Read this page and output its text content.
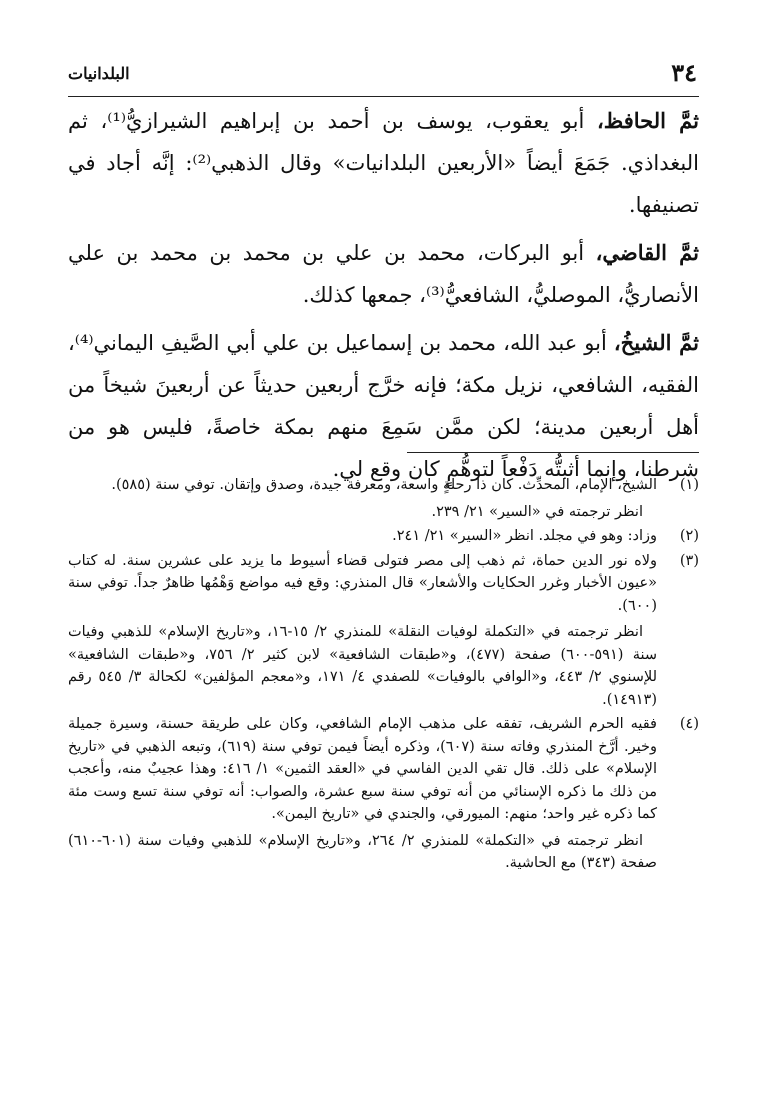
٣٤
البلدانيات

ثمَّ الحافظ، أبو يعقوب، يوسف بن أحمد بن إبراهيم الشيرازيُّ⁽¹⁾، ثم البغداذي. جَمَعَ أيضاً «الأربعين البلدانيات» وقال الذهبي⁽²⁾: إنَّه أجاد في تصنيفها.

ثمَّ القاضي، أبو البركات، محمد بن علي بن محمد بن محمد بن علي الأنصاريُّ، الموصليُّ، الشافعيُّ⁽³⁾، جمعها كذلك.

ثمَّ الشيخُ، أبو عبد الله، محمد بن إسماعيل بن علي أبي الصَّيفِ اليماني⁽⁴⁾، الفقيه، الشافعي، نزيل مكة؛ فإنه خرَّج أربعين حديثاً عن أربعينَ شيخاً من أهل أربعين مدينة؛ لكن ممَّن سَمِعَ منهم بمكة خاصةً، فليس هو من شرطنا، وإنما أثبتُّه دَفْعاً لتوهُّمٍ كان وقع لي.

(١)

الشيخ، الإمام، المحدِّث. كان ذا رحلةٍ واسعة، ومعرفة جيدة، وصدق وإتقان. توفي سنة (٥٨٥).

انظر ترجمته في «السير» ٢١/ ٢٣٩.

(٢)

وزاد: وهو في مجلد. انظر «السير» ٢١/ ٢٤١.

(٣)

ولاه نور الدين حماة، ثم ذهب إلى مصر فتولى قضاء أسيوط ما يزيد على عشرين سنة. له كتاب «عيون الأخبار وغرر الحكايات والأشعار» قال المنذري: وقع فيه مواضع وَهْمُها ظاهرٌ جداً. توفي سنة (٦٠٠).

انظر ترجمته في «التكملة لوفيات النقلة» للمنذري ٢/ ١٥-١٦، و«تاريخ الإسلام» للذهبي وفيات سنة (٥٩١-٦٠٠) صفحة (٤٧٧)، و«طبقات الشافعية» لابن كثير ٢/ ٧٥٦، و«طبقات الشافعية» للإسنوي ٢/ ٤٤٣، و«الوافي بالوفيات» للصفدي ٤/ ١٧١، و«معجم المؤلفين» لكحالة ٣/ ٥٤٥ رقم (١٤٩١٣).

(٤)

فقيه الحرم الشريف، تفقه على مذهب الإمام الشافعي، وكان على طريقة حسنة، وسيرة جميلة وخير. أرَّخ المنذري وفاته سنة (٦٠٧)، وذكره أيضاً فيمن توفي سنة (٦١٩)، وتبعه الذهبي في «تاريخ الإسلام» على ذلك. قال تقي الدين الفاسي في «العقد الثمين» ١/ ٤١٦: وهذا عجيبٌ منه، وأعجب من ذلك ما ذكره الإسنائي من أنه توفي سنة سبع عشرة، والصواب: أنه توفي سنة تسع وست مئة كما ذكره غير واحد؛ منهم: الميورقي، والجندي في «تاريخ اليمن».

انظر ترجمته في «التكملة» للمنذري ٢/ ٢٦٤، و«تاريخ الإسلام» للذهبي وفيات سنة (٦٠١-٦١٠) صفحة (٣٤٣) مع الحاشية.
